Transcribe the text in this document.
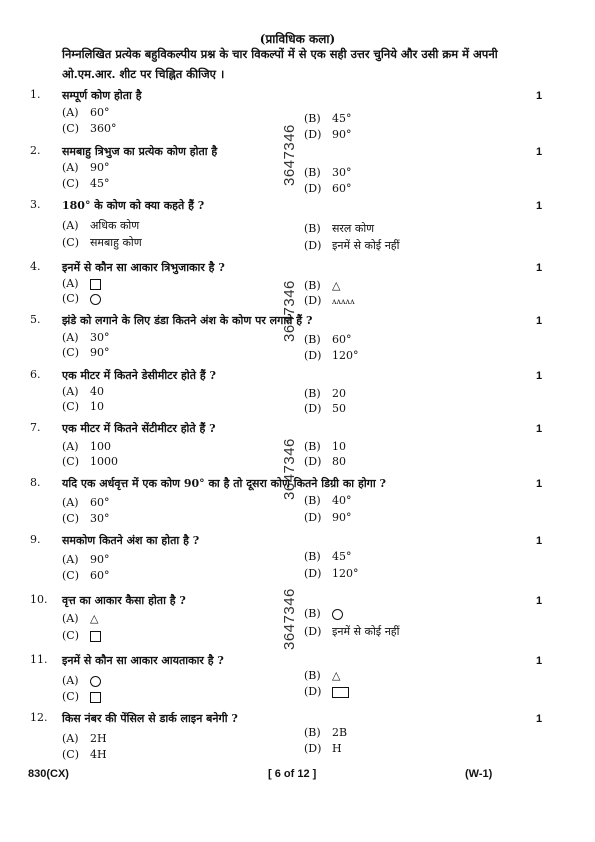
(प्राविधिक कला)
निम्नलिखित प्रत्येक बहुविकल्पीय प्रश्न के चार विकल्पों में से एक सही उत्तर चुनिये और उसी क्रम में अपनी ओ.एम.आर. शीट पर चिह्नित कीजिए ।
3647346
3647346
3647346
3647346
1. सम्पूर्ण कोण होता है	1
(A) 60°
(C) 360°
(B) 45°
(D) 90°
2. समबाहु त्रिभुज का प्रत्येक कोण होता है	1
(A) 90°
(C) 45°
(B) 30°
(D) 60°
3. 180° के कोण को क्या कहते हैं ?	1
(A) अधिक कोण
(C) समबाहु कोण
(B) सरल कोण
(D) इनमें से कोई नहीं
4. इनमें से कौन सा आकार त्रिभुजाकार है ?	1
(A)
(C)
(B) △
(D) ʌʌʌʌʌ
5. झंडे को लगाने के लिए डंडा कितने अंश के कोण पर लगाते हैं ?	1
(A) 30°
(C) 90°
(B) 60°
(D) 120°
6. एक मीटर में कितने डेसीमीटर होते हैं ?	1
(A) 40
(C) 10
(B) 20
(D) 50
7. एक मीटर में कितने सेंटीमीटर होते हैं ?	1
(A) 100
(C) 1000
(B) 10
(D) 80
8. यदि एक अर्धवृत्त में एक कोण 90° का है तो दूसरा कोण कितने डिग्री का होगा ?	1
(A) 60°
(C) 30°
(B) 40°
(D) 90°
9. समकोण कितने अंश का होता है ?	1
(A) 90°
(C) 60°
(B) 45°
(D) 120°
10. वृत्त का आकार कैसा होता है ?	1
(A) △
(C)
(B)
(D) इनमें से कोई नहीं
11. इनमें से कौन सा आकार आयताकार है ?	1
(A)
(C)
(B) △
(D)
12. किस नंबर की पेंसिल से डार्क लाइन बनेगी ?	1
(A) 2H
(C) 4H
(B) 2B
(D) H
830(CX)	[ 6 of 12 ]	(W-1)
